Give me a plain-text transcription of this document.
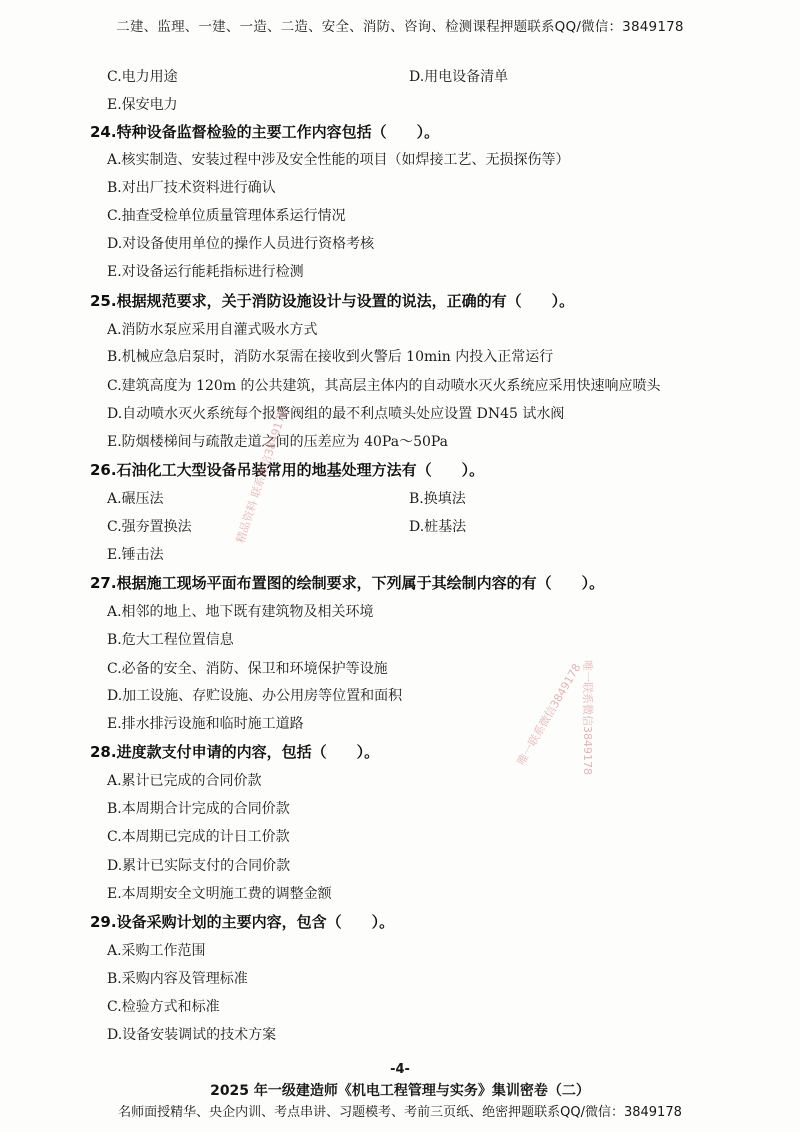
二建、监理、一建、一造、二造、安全、消防、咨询、检测课程押题联系QQ/微信：3849178
C.电力用途	D.用电设备清单
E.保安电力
24.特种设备监督检验的主要工作内容包括（　　）。
A.核实制造、安装过程中涉及安全性能的项目（如焊接工艺、无损探伤等）
B.对出厂技术资料进行确认
C.抽查受检单位质量管理体系运行情况
D.对设备使用单位的操作人员进行资格考核
E.对设备运行能耗指标进行检测
25.根据规范要求，关于消防设施设计与设置的说法，正确的有（　　）。
A.消防水泵应采用自灌式吸水方式
B.机械应急启泵时，消防水泵需在接收到火警后 10min 内投入正常运行
C.建筑高度为 120m 的公共建筑，其高层主体内的自动喷水灭火系统应采用快速响应喷头
D.自动喷水灭火系统每个报警阀组的最不利点喷头处应设置 DN45 试水阀
E.防烟楼梯间与疏散走道之间的压差应为 40Pa～50Pa
26.石油化工大型设备吊装常用的地基处理方法有（　　）。
A.碾压法	B.换填法
C.强夯置换法	D.桩基法
E.锤击法
27.根据施工现场平面布置图的绘制要求，下列属于其绘制内容的有（　　）。
A.相邻的地上、地下既有建筑物及相关环境
B.危大工程位置信息
C.必备的安全、消防、保卫和环境保护等设施
D.加工设施、存贮设施、办公用房等位置和面积
E.排水排污设施和临时施工道路
28.进度款支付申请的内容，包括（　　）。
A.累计已完成的合同价款
B.本周期合计完成的合同价款
C.本周期已完成的计日工价款
D.累计已实际支付的合同价款
E.本周期安全文明施工费的调整金额
29.设备采购计划的主要内容，包含（　　）。
A.采购工作范围
B.采购内容及管理标准
C.检验方式和标准
D.设备安装调试的技术方案
精品资料 联系微信3849178
唯一联系微信3849178
唯一联系微信3849178
-4-
2025 年一级建造师《机电工程管理与实务》集训密卷（二）
名师面授精华、央企内训、考点串讲、习题模考、考前三页纸、绝密押题联系QQ/微信：3849178
